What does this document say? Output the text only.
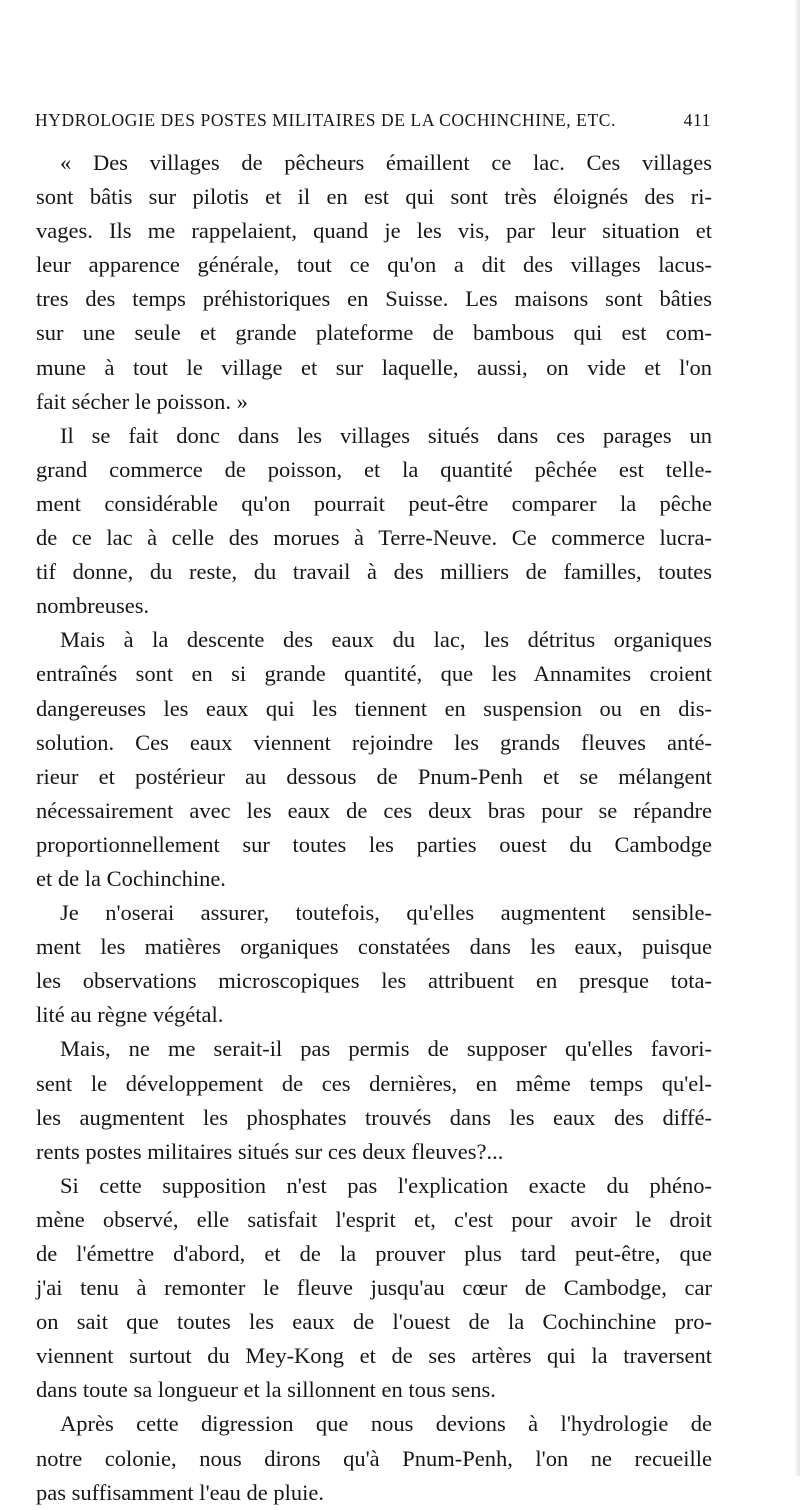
HYDROLOGIE DES POSTES MILITAIRES DE LA COCHINCHINE, ETC.	411
« Des villages de pêcheurs émaillent ce lac. Ces villages
sont bâtis sur pilotis et il en est qui sont très éloignés des ri-
vages. Ils me rappelaient, quand je les vis, par leur situation et
leur apparence générale, tout ce qu'on a dit des villages lacus-
tres des temps préhistoriques en Suisse. Les maisons sont bâties
sur une seule et grande plateforme de bambous qui est com-
mune à tout le village et sur laquelle, aussi, on vide et l'on
fait sécher le poisson. »
Il se fait donc dans les villages situés dans ces parages un
grand commerce de poisson, et la quantité pêchée est telle-
ment considérable qu'on pourrait peut-être comparer la pêche
de ce lac à celle des morues à Terre-Neuve. Ce commerce lucra-
tif donne, du reste, du travail à des milliers de familles, toutes
nombreuses.
Mais à la descente des eaux du lac, les détritus organiques
entraînés sont en si grande quantité, que les Annamites croient
dangereuses les eaux qui les tiennent en suspension ou en dis-
solution. Ces eaux viennent rejoindre les grands fleuves anté-
rieur et postérieur au dessous de Pnum-Penh et se mélangent
nécessairement avec les eaux de ces deux bras pour se répandre
proportionnellement sur toutes les parties ouest du Cambodge
et de la Cochinchine.
Je n'oserai assurer, toutefois, qu'elles augmentent sensible-
ment les matières organiques constatées dans les eaux, puisque
les observations microscopiques les attribuent en presque tota-
lité au règne végétal.
Mais, ne me serait-il pas permis de supposer qu'elles favori-
sent le développement de ces dernières, en même temps qu'el-
les augmentent les phosphates trouvés dans les eaux des diffé-
rents postes militaires situés sur ces deux fleuves?...
Si cette supposition n'est pas l'explication exacte du phéno-
mène observé, elle satisfait l'esprit et, c'est pour avoir le droit
de l'émettre d'abord, et de la prouver plus tard peut-être, que
j'ai tenu à remonter le fleuve jusqu'au cœur de Cambodge, car
on sait que toutes les eaux de l'ouest de la Cochinchine pro-
viennent surtout du Mey-Kong et de ses artères qui la traversent
dans toute sa longueur et la sillonnent en tous sens.
Après cette digression que nous devions à l'hydrologie de
notre colonie, nous dirons qu'à Pnum-Penh, l'on ne recueille
pas suffisamment l'eau de pluie.
